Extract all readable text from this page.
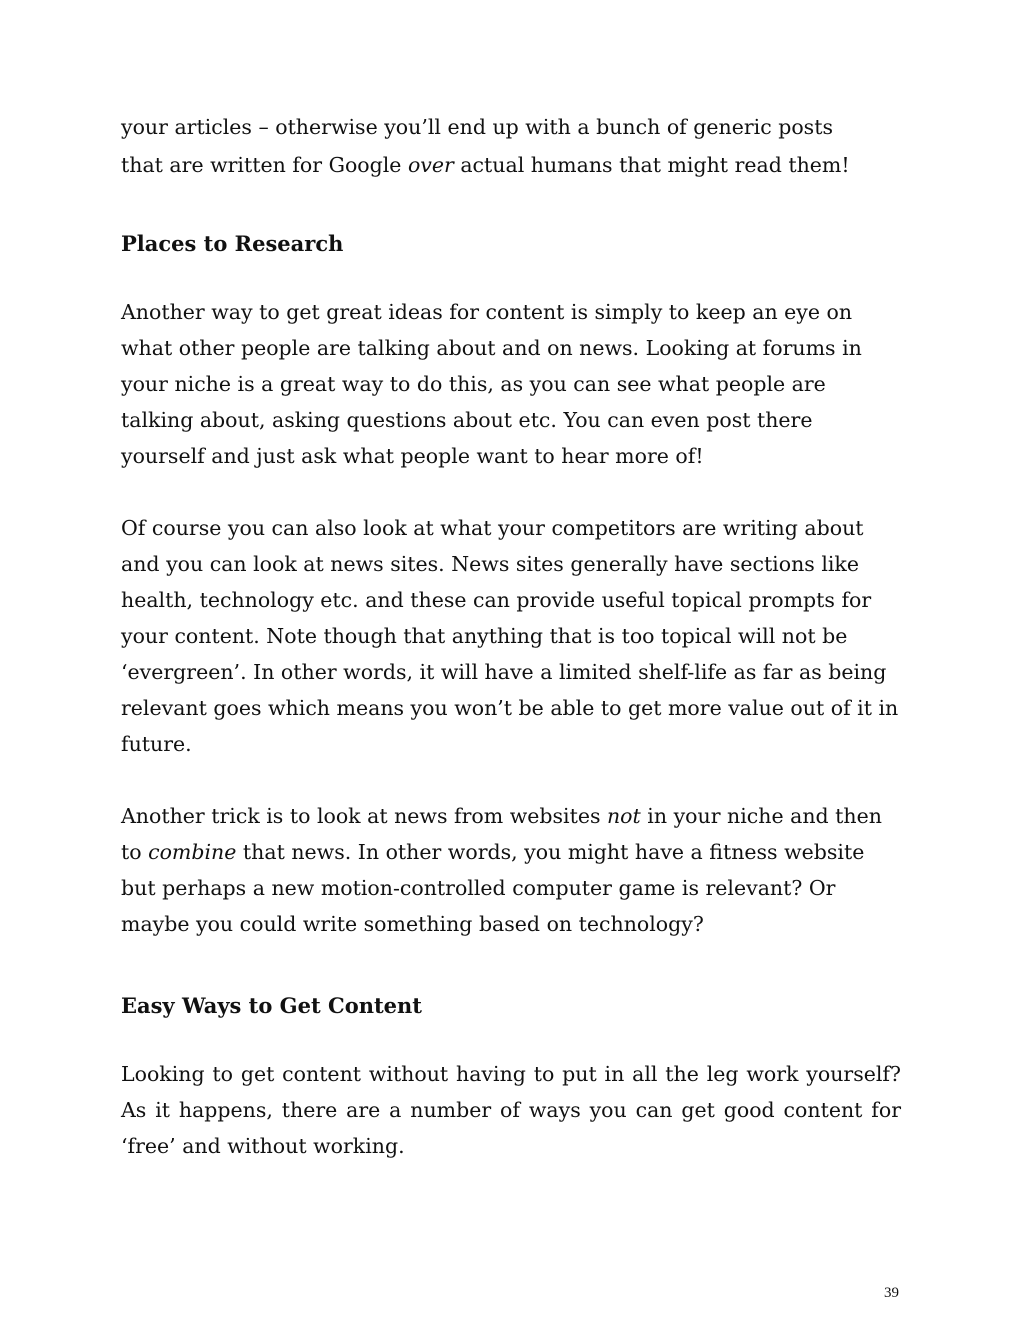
your articles – otherwise you’ll end up with a bunch of generic posts
that are written for Google over actual humans that might read them!

Places to Research

Another way to get great ideas for content is simply to keep an eye on what other people are talking about and on news. Looking at forums in your niche is a great way to do this, as you can see what people are talking about, asking questions about etc. You can even post there yourself and just ask what people want to hear more of!

Of course you can also look at what your competitors are writing about and you can look at news sites. News sites generally have sections like health, technology etc. and these can provide useful topical prompts for your content. Note though that anything that is too topical will not be ‘evergreen’. In other words, it will have a limited shelf-life as far as being relevant goes which means you won’t be able to get more value out of it in future.

Another trick is to look at news from websites not in your niche and then to combine that news. In other words, you might have a fitness website but perhaps a new motion-controlled computer game is relevant? Or maybe you could write something based on technology?

Easy Ways to Get Content

Looking to get content without having to put in all the leg work yourself? As it happens, there are a number of ways you can get good content for ‘free’ and without working.

39
